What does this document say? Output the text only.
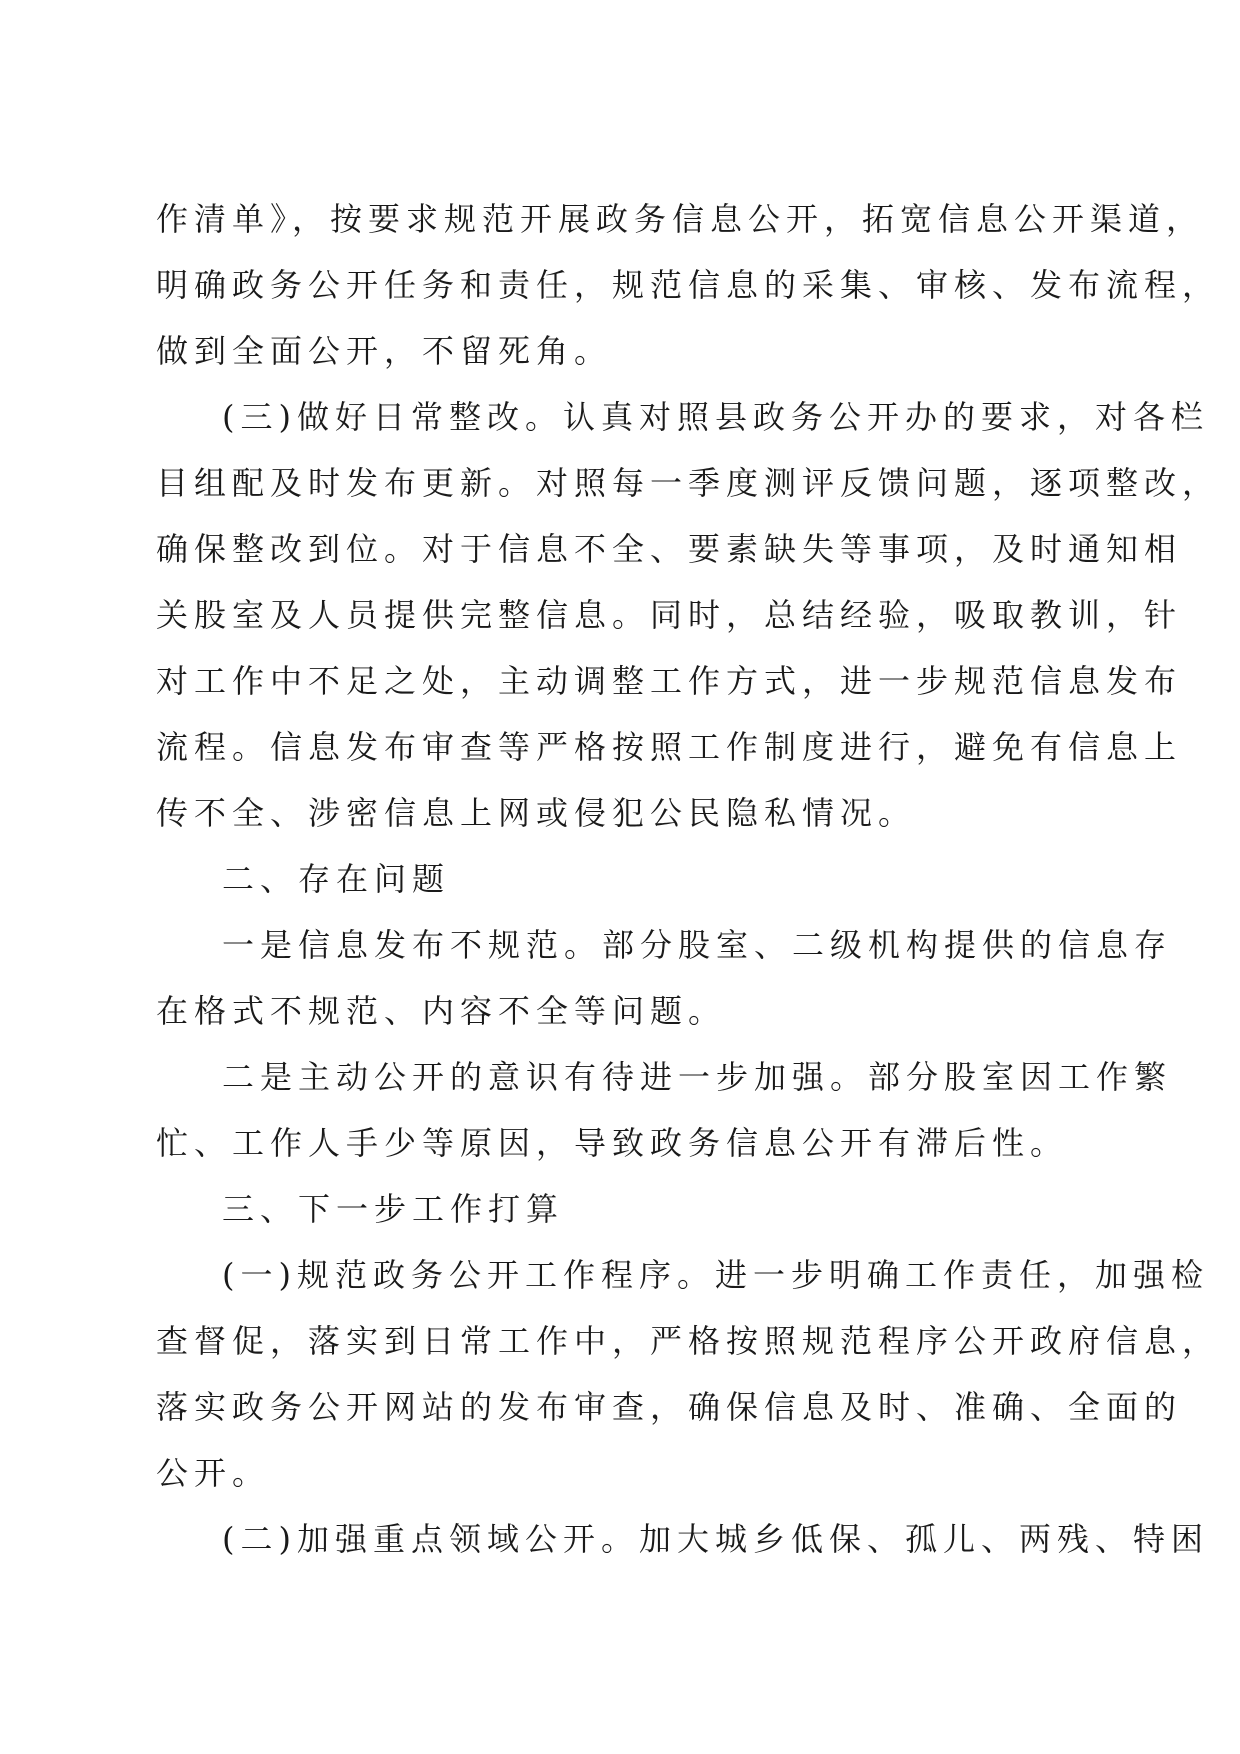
作清单》，按要求规范开展政务信息公开，拓宽信息公开渠道，
明确政务公开任务和责任，规范信息的采集、审核、发布流程，
做到全面公开，不留死角。
(三)做好日常整改。认真对照县政务公开办的要求，对各栏
目组配及时发布更新。对照每一季度测评反馈问题，逐项整改，
确保整改到位。对于信息不全、要素缺失等事项，及时通知相
关股室及人员提供完整信息。同时，总结经验，吸取教训，针
对工作中不足之处，主动调整工作方式，进一步规范信息发布
流程。信息发布审查等严格按照工作制度进行，避免有信息上
传不全、涉密信息上网或侵犯公民隐私情况。
二、存在问题
一是信息发布不规范。部分股室、二级机构提供的信息存
在格式不规范、内容不全等问题。
二是主动公开的意识有待进一步加强。部分股室因工作繁
忙、工作人手少等原因，导致政务信息公开有滞后性。
三、下一步工作打算
(一)规范政务公开工作程序。进一步明确工作责任，加强检
查督促，落实到日常工作中，严格按照规范程序公开政府信息，
落实政务公开网站的发布审查，确保信息及时、准确、全面的
公开。
(二)加强重点领域公开。加大城乡低保、孤儿、两残、特困
